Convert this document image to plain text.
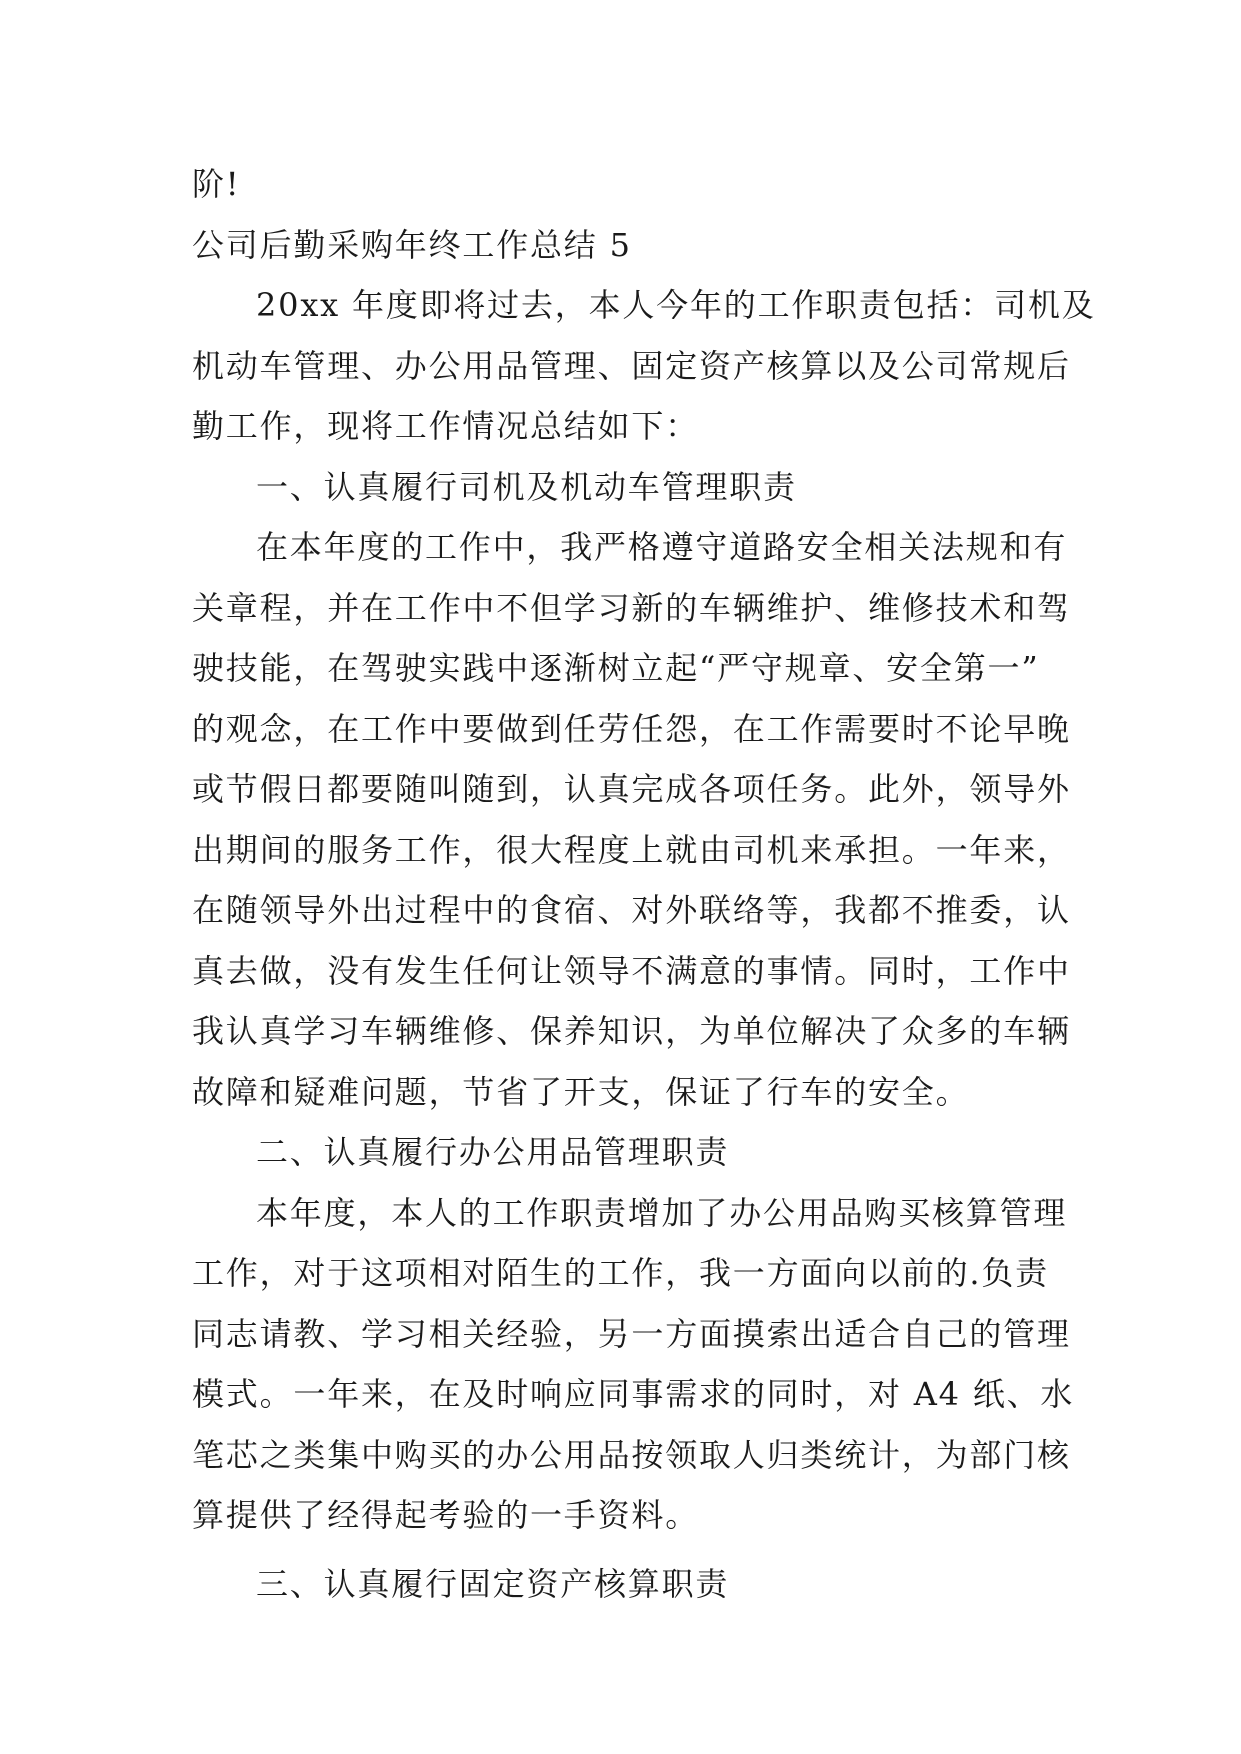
阶!
公司后勤采购年终工作总结 5
20xx 年度即将过去，本人今年的工作职责包括：司机及
机动车管理、办公用品管理、固定资产核算以及公司常规后
勤工作，现将工作情况总结如下：
一、认真履行司机及机动车管理职责
在本年度的工作中，我严格遵守道路安全相关法规和有
关章程，并在工作中不但学习新的车辆维护、维修技术和驾
驶技能，在驾驶实践中逐渐树立起“严守规章、安全第一”
的观念，在工作中要做到任劳任怨，在工作需要时不论早晚
或节假日都要随叫随到，认真完成各项任务。此外，领导外
出期间的服务工作，很大程度上就由司机来承担。一年来，
在随领导外出过程中的食宿、对外联络等，我都不推委，认
真去做，没有发生任何让领导不满意的事情。同时，工作中
我认真学习车辆维修、保养知识，为单位解决了众多的车辆
故障和疑难问题，节省了开支，保证了行车的安全。
二、认真履行办公用品管理职责
本年度，本人的工作职责增加了办公用品购买核算管理
工作，对于这项相对陌生的工作，我一方面向以前的.负责
同志请教、学习相关经验，另一方面摸索出适合自己的管理
模式。一年来，在及时响应同事需求的同时，对 A4 纸、水
笔芯之类集中购买的办公用品按领取人归类统计，为部门核
算提供了经得起考验的一手资料。
三、认真履行固定资产核算职责
